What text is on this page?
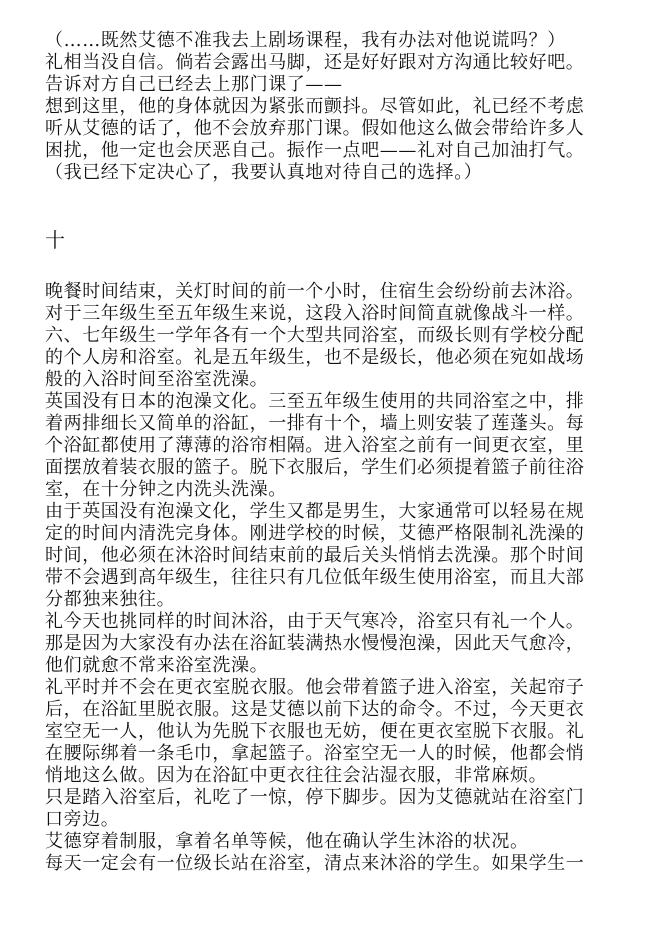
（……既然艾德不准我去上剧场课程，我有办法对他说谎吗？）
礼相当没自信。倘若会露出马脚，还是好好跟对方沟通比较好吧。
告诉对方自己已经去上那门课了——
想到这里，他的身体就因为紧张而颤抖。尽管如此，礼已经不考虑
听从艾德的话了，他不会放弃那门课。假如他这么做会带给许多人
困扰，他一定也会厌恶自己。振作一点吧——礼对自己加油打气。
（我已经下定决心了，我要认真地对待自己的选择。）
十
晚餐时间结束，关灯时间的前一个小时，住宿生会纷纷前去沐浴。
对于三年级生至五年级生来说，这段入浴时间简直就像战斗一样。
六、七年级生一学年各有一个大型共同浴室，而级长则有学校分配
的个人房和浴室。礼是五年级生，也不是级长，他必须在宛如战场
般的入浴时间至浴室洗澡。
英国没有日本的泡澡文化。三至五年级生使用的共同浴室之中，排
着两排细长又简单的浴缸，一排有十个，墙上则安装了莲蓬头。每
个浴缸都使用了薄薄的浴帘相隔。进入浴室之前有一间更衣室，里
面摆放着装衣服的篮子。脱下衣服后，学生们必须提着篮子前往浴
室，在十分钟之内洗头洗澡。
由于英国没有泡澡文化，学生又都是男生，大家通常可以轻易在规
定的时间内清洗完身体。刚进学校的时候，艾德严格限制礼洗澡的
时间，他必须在沐浴时间结束前的最后关头悄悄去洗澡。那个时间
带不会遇到高年级生，往往只有几位低年级生使用浴室，而且大部
分都独来独往。
礼今天也挑同样的时间沐浴，由于天气寒冷，浴室只有礼一个人。
那是因为大家没有办法在浴缸装满热水慢慢泡澡，因此天气愈冷，
他们就愈不常来浴室洗澡。
礼平时并不会在更衣室脱衣服。他会带着篮子进入浴室，关起帘子
后，在浴缸里脱衣服。这是艾德以前下达的命令。不过，今天更衣
室空无一人，他认为先脱下衣服也无妨，便在更衣室脱下衣服。礼
在腰际绑着一条毛巾，拿起篮子。浴室空无一人的时候，他都会悄
悄地这么做。因为在浴缸中更衣往往会沾湿衣服，非常麻烦。
只是踏入浴室后，礼吃了一惊，停下脚步。因为艾德就站在浴室门
口旁边。
艾德穿着制服，拿着名单等候，他在确认学生沐浴的状况。
每天一定会有一位级长站在浴室，清点来沐浴的学生。如果学生一
